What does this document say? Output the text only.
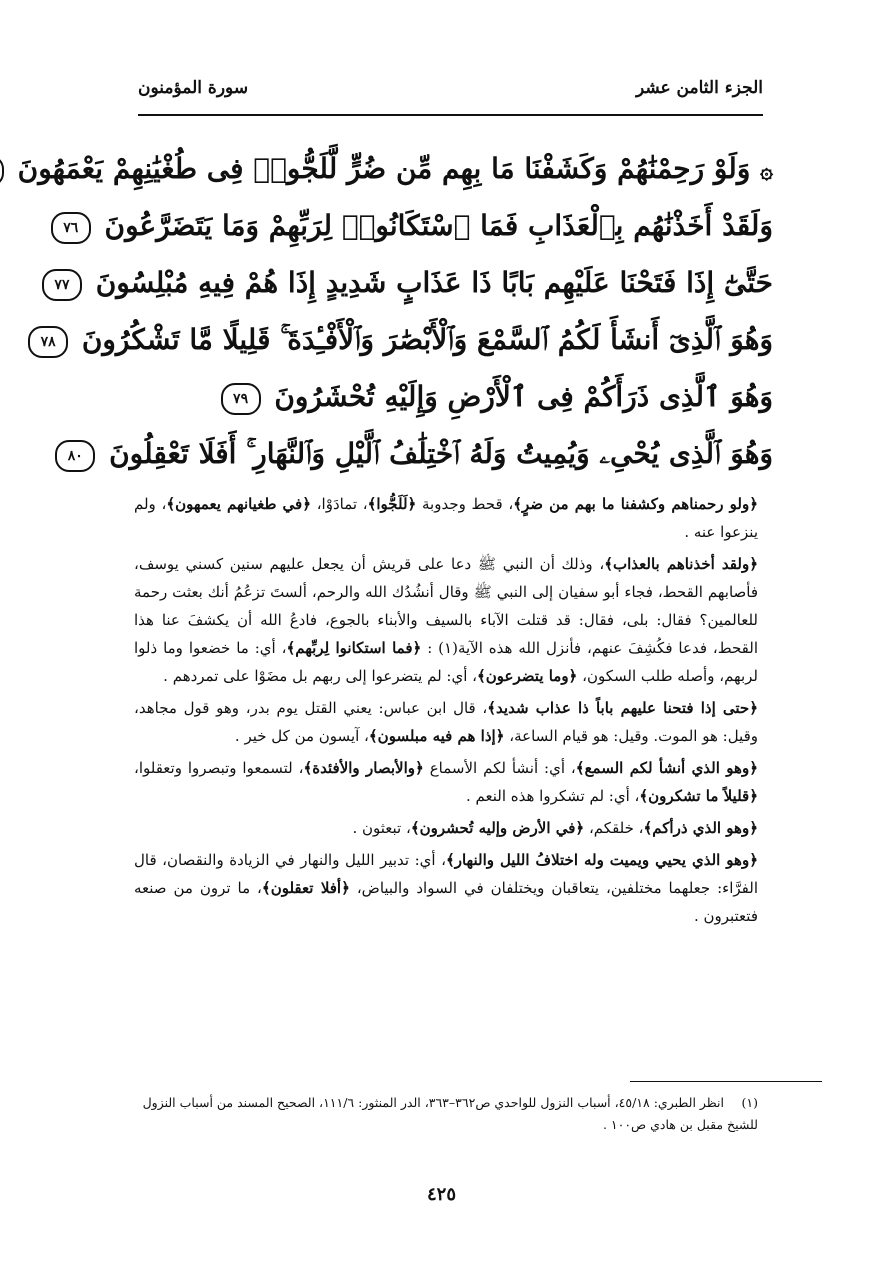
الجزء الثامن عشر
سورة المؤمنون
۞ وَلَوْ رَحِمْنَٰهُمْ وَكَشَفْنَا مَا بِهِم مِّن ضُرٍّ لَّلَجُّوا۟ فِى طُغْيَٰنِهِمْ يَعْمَهُونَ
وَلَقَدْ أَخَذْنَٰهُم بِٱلْعَذَابِ فَمَا ٱسْتَكَانُوا۟ لِرَبِّهِمْ وَمَا يَتَضَرَّعُونَ ٧٦
حَتَّىٰٓ إِذَا فَتَحْنَا عَلَيْهِم بَابًا ذَا عَذَابٍ شَدِيدٍ إِذَا هُمْ فِيهِ مُبْلِسُونَ ٧٧
وَهُوَ ٱلَّذِىٓ أَنشَأَ لَكُمُ ٱلسَّمْعَ وَٱلْأَبْصَٰرَ وَٱلْأَفْـِٔدَةَ ۚ قَلِيلًا مَّا تَشْكُرُونَ ٧٨
وَهُوَ ٱلَّذِى ذَرَأَكُمْ فِى ٱلْأَرْضِ وَإِلَيْهِ تُحْشَرُونَ ٧٩
وَهُوَ ٱلَّذِى يُحْىِۦ وَيُمِيتُ وَلَهُ ٱخْتِلَٰفُ ٱلَّيْلِ وَٱلنَّهَارِ ۚ أَفَلَا تَعْقِلُونَ ٨٠

﴿ولو رحمناهم وكشفنا ما بهم من ضرٍ﴾، قحط وجدوبة ﴿لَلَجُّوا﴾، تمادَوْا، ﴿في طغيانهم يعمهون﴾، ولم ينزعوا عنه .

﴿ولقد أخذناهم بالعذاب﴾، وذلك أن النبي ﷺ دعا على قريش أن يجعل عليهم سنين كسني يوسف، فأصابهم القحط، فجاء أبو سفيان إلى النبي ﷺ وقال أنشُدُك الله والرحم، ألستَ تزعُمُ أنك بعثت رحمة للعالمين؟ فقال: بلى، فقال: قد قتلت الآباء بالسيف والأبناء بالجوع، فادعُ الله أن يكشفَ عنا هذا القحط، فدعا فكُشِفَ عنهم، فأنزل الله هذه الآية(١) : ﴿فما استكانوا لِربِّهم﴾، أي: ما خضعوا وما ذلوا لربهم، وأصله طلب السكون، ﴿وما يتضرعون﴾، أي: لم يتضرعوا إلى ربهم بل مضَوْا على تمردهم .

﴿حتى إذا فتحنا عليهم باباً ذا عذاب شديد﴾، قال ابن عباس: يعني القتل يوم بدر، وهو قول مجاهد، وقيل: هو الموت. وقيل: هو قيام الساعة، ﴿إذا هم فيه مبلسون﴾، آيسون من كل خير .

﴿وهو الذي أنشأ لكم السمع﴾، أي: أنشأ لكم الأسماع ﴿والأبصار والأفئدة﴾، لتسمعوا وتبصروا وتعقلوا، ﴿قليلاً ما تشكرون﴾، أي: لم تشكروا هذه النعم .

﴿وهو الذي ذرأكم﴾، خلقكم، ﴿في الأرض وإليه تُحشرون﴾، تبعثون .

﴿وهو الذي يحيي ويميت وله اختلافُ الليل والنهار﴾، أي: تدبير الليل والنهار في الزيادة والنقصان، قال الفرَّاء: جعلهما مختلفين، يتعاقبان ويختلفان في السواد والبياض، ﴿أفلا تعقلون﴾، ما ترون من صنعه فتعتبرون .

(١)انظر الطبري: ٤٥/١٨، أسباب النزول للواحدي ص٣٦٢–٣٦٣، الدر المنثور: ١١١/٦، الصحيح المسند من أسباب النزول للشيخ مقبل بن هادي ص١٠٠ .
٤٢٥
